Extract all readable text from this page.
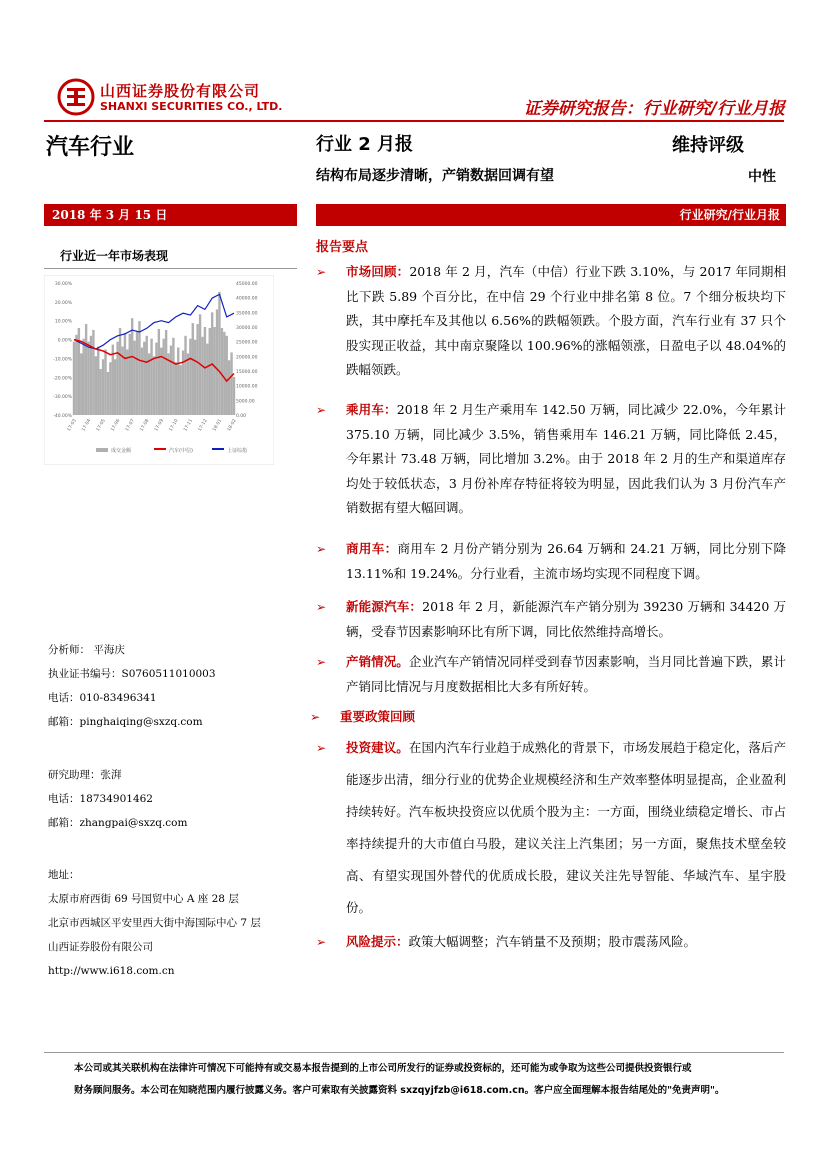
山西证券股份有限公司
SHANXI SECURITIES CO., LTD.	证券研究报告：行业研究/行业月报
汽车行业	行业 2 月报	维持评级
结构布局逐步清晰，产销数据回调有望	中性
2018 年 3 月 15 日	行业研究/行业月报
行业近一年市场表现
30.00%
20.00%
10.00%
0.00%
-10.00%
-20.00%
-30.00%
-40.00%
45000.00
40000.00
35000.00
30000.00
25000.00
20000.00
15000.00
10000.00
5000.00
0.00
17-03 17-04 17-05 17-06 17-07 17-08 17-09 17-10 17-11 17-12 18-01 18-02
成交金额	汽车(中信)	上证综指
分析师： 平海庆
执业证书编号：S0760511010003
电话：010-83496341
邮箱：pinghaiqing@sxzq.com
研究助理：张湃
电话：18734901462
邮箱：zhangpai@sxzq.com
地址：
太原市府西街 69 号国贸中心 A 座 28 层
北京市西城区平安里西大街中海国际中心 7 层
山西证券股份有限公司
http://www.i618.com.cn
报告要点
➢ 市场回顾：2018 年 2 月，汽车（中信）行业下跌 3.10%，与 2017 年同期相比下跌 5.89 个百分比，在中信 29 个行业中排名第 8 位。7 个细分板块均下跌，其中摩托车及其他以 6.56%的跌幅领跌。个股方面，汽车行业有 37 只个股实现正收益，其中南京聚隆以 100.96%的涨幅领涨，日盈电子以 48.04%的跌幅领跌。
➢ 乘用车：2018 年 2 月生产乘用车 142.50 万辆，同比减少 22.0%，今年累计 375.10 万辆，同比减少 3.5%，销售乘用车 146.21 万辆，同比降低 2.45，今年累计 73.48 万辆，同比增加 3.2%。由于 2018 年 2 月的生产和渠道库存均处于较低状态，3 月份补库存特征将较为明显，因此我们认为 3 月份汽车产销数据有望大幅回调。
➢ 商用车：商用车 2 月份产销分别为 26.64 万辆和 24.21 万辆，同比分别下降 13.11%和 19.24%。分行业看，主流市场均实现不同程度下调。
➢ 新能源汽车：2018 年 2 月，新能源汽车产销分别为 39230 万辆和 34420 万辆，受春节因素影响环比有所下调，同比依然维持高增长。
➢ 产销情况。企业汽车产销情况同样受到春节因素影响，当月同比普遍下跌，累计产销同比情况与月度数据相比大多有所好转。
➢ 重要政策回顾
➢ 投资建议。在国内汽车行业趋于成熟化的背景下，市场发展趋于稳定化，落后产能逐步出清，细分行业的优势企业规模经济和生产效率整体明显提高，企业盈利持续转好。汽车板块投资应以优质个股为主：一方面，围绕业绩稳定增长、市占率持续提升的大市值白马股，建议关注上汽集团；另一方面，聚焦技术壁垒较高、有望实现国外替代的优质成长股，建议关注先导智能、华域汽车、星宇股份。
➢ 风险提示：政策大幅调整；汽车销量不及预期；股市震荡风险。
本公司或其关联机构在法律许可情况下可能持有或交易本报告提到的上市公司所发行的证券或投资标的，还可能为或争取为这些公司提供投资银行或
财务顾问服务。本公司在知晓范围内履行披露义务。客户可索取有关披露资料 sxzqyjfzb@i618.com.cn。客户应全面理解本报告结尾处的"免责声明"。
